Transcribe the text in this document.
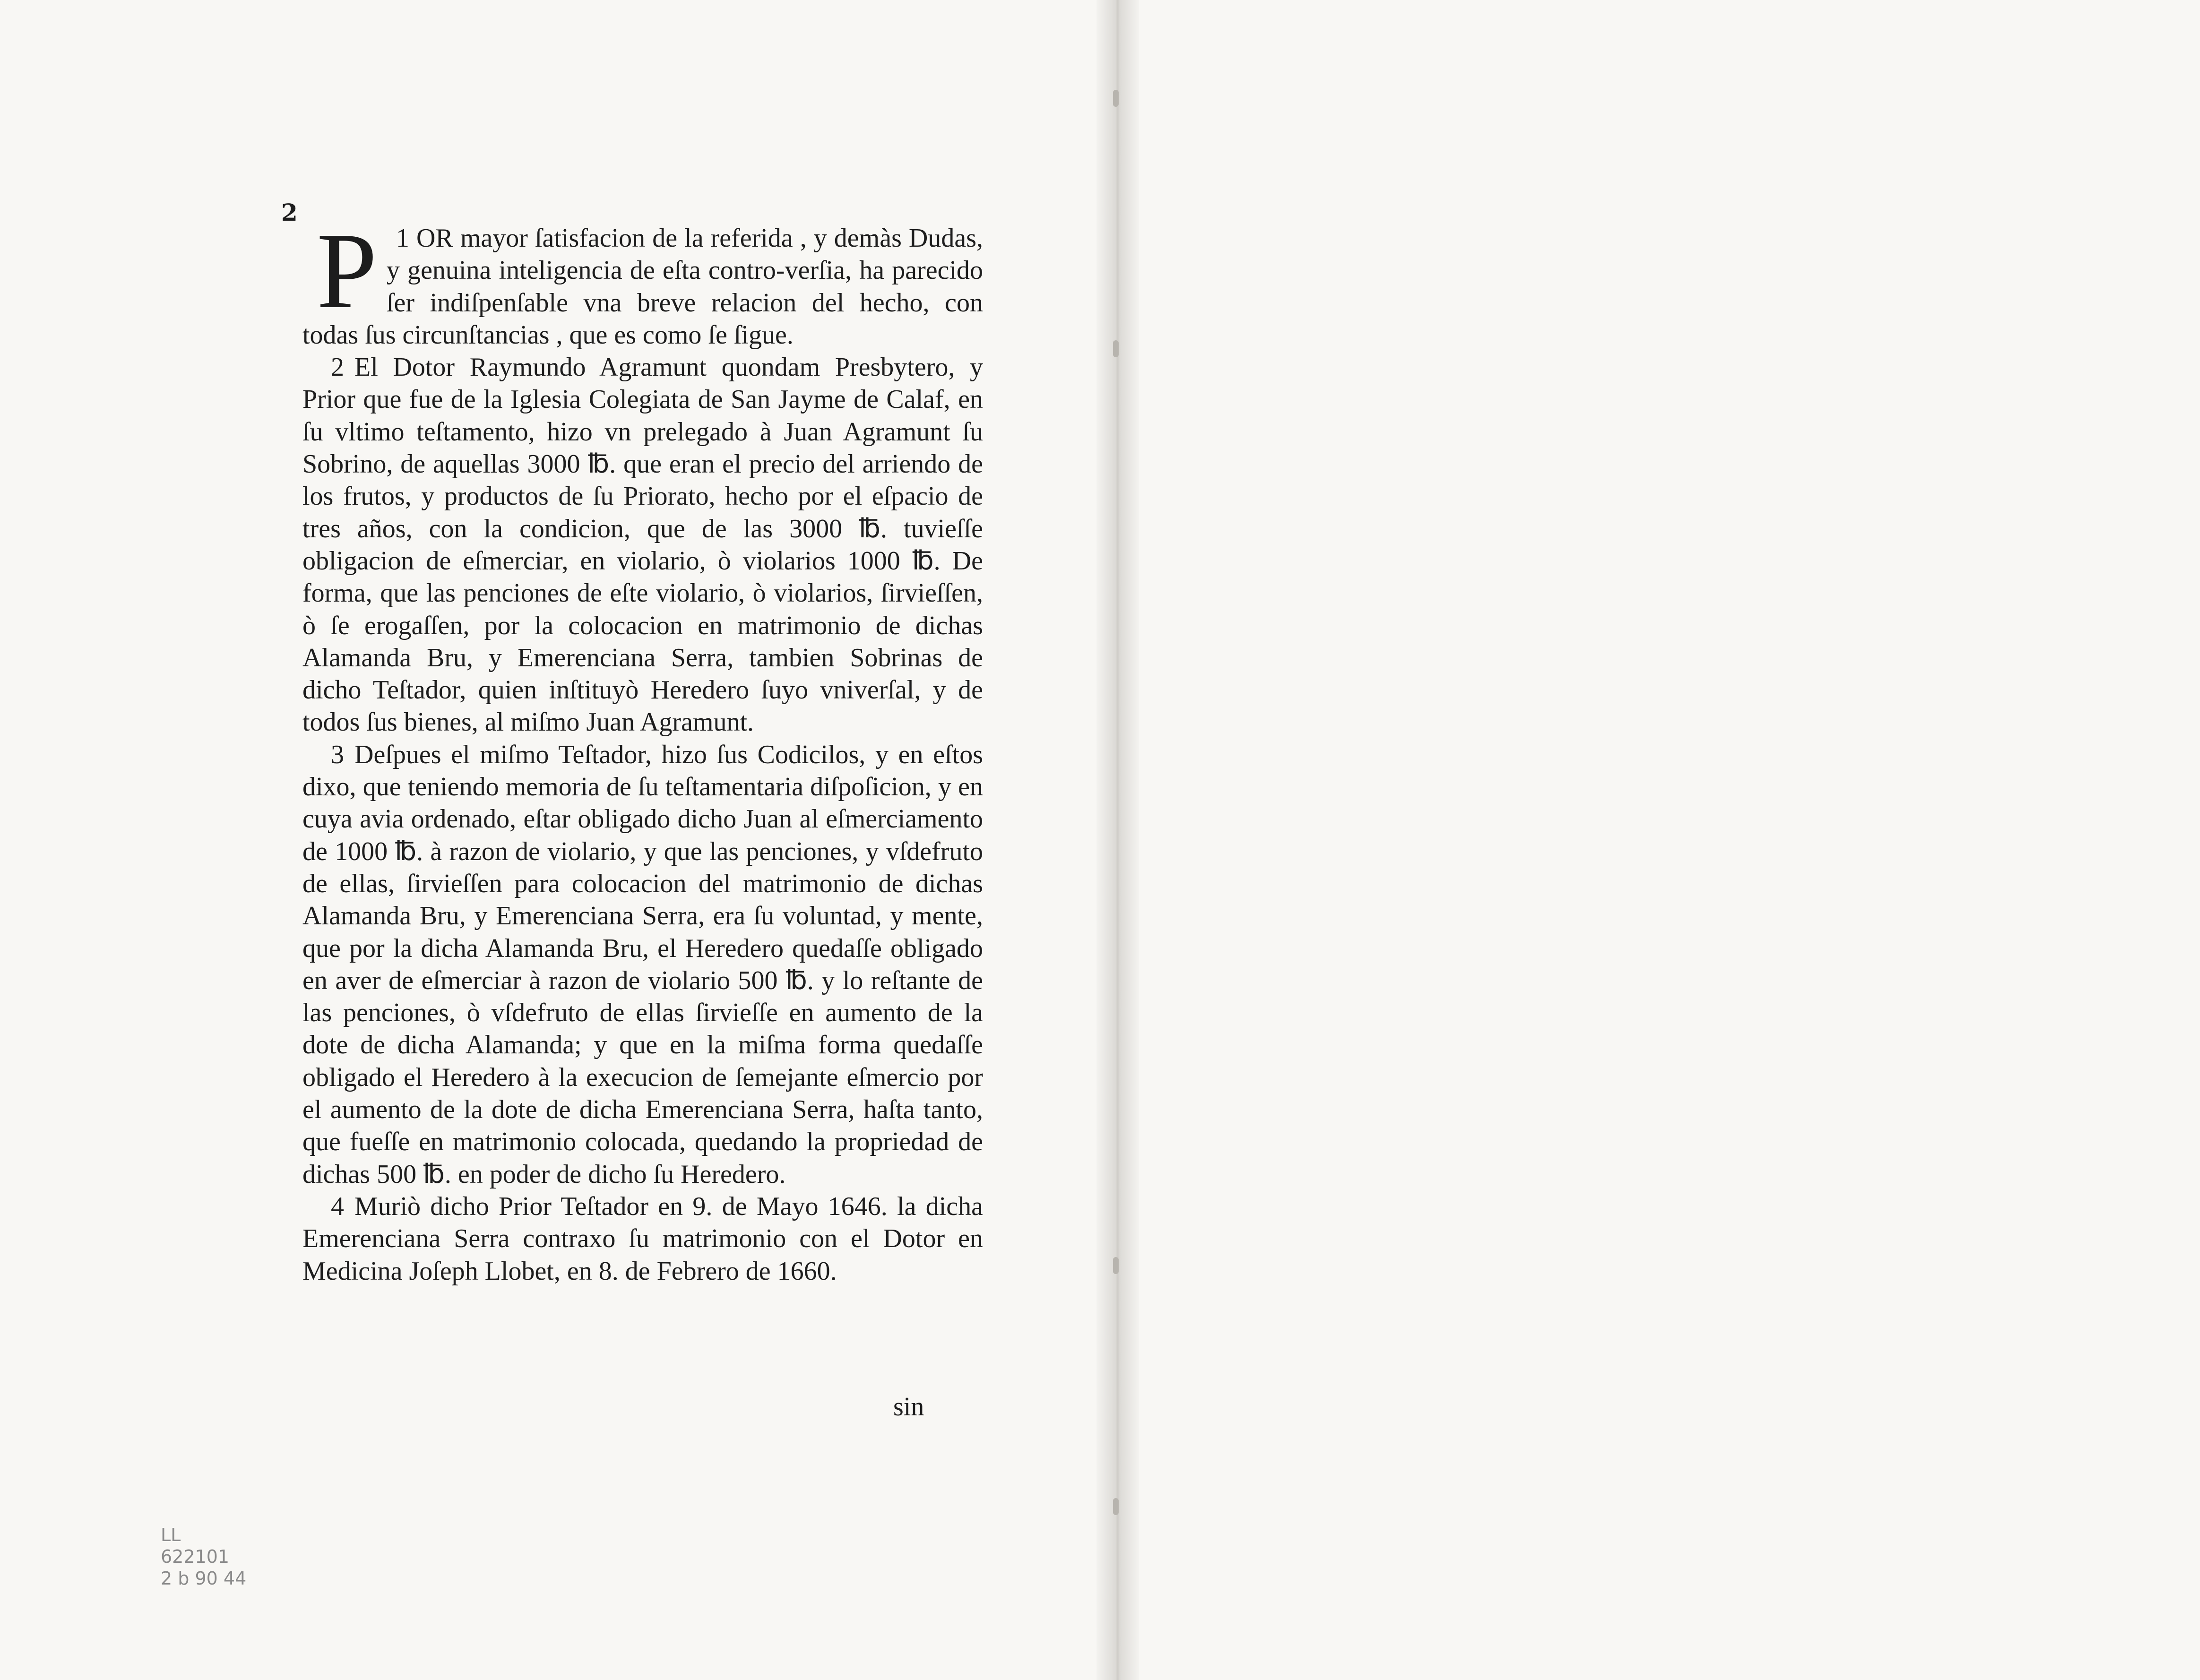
2

1
P OR mayor ſatisfacion de la referida , y demàs Dudas, y genuina inteligencia de eſta contro-verſia, ha parecido ſer indiſpenſable vna breve relacion del hecho, con todas ſus circunſtancias , que es como ſe ſigue.

2 El Dotor Raymundo Agramunt quondam Presbytero, y Prior que fue de la Iglesia Colegiata de San Jayme de Calaf, en ſu vltimo teſtamento, hizo vn prelegado à Juan Agramunt ſu Sobrino, de aquellas 3000 ℔. que eran el precio del arriendo de los frutos, y productos de ſu Priorato, hecho por el eſpacio de tres años, con la condicion, que de las 3000 ℔. tuvieſſe obligacion de eſmerciar, en violario, ò violarios 1000 ℔. De forma, que las penciones de eſte violario, ò violarios, ſirvieſſen, ò ſe erogaſſen, por la colocacion en matrimonio de dichas Alamanda Bru, y Emerenciana Serra, tambien Sobrinas de dicho Teſtador, quien inſtituyò Heredero ſuyo vniverſal, y de todos ſus bienes, al miſmo Juan Agramunt.

3 Deſpues el miſmo Teſtador, hizo ſus Codicilos, y en eſtos dixo, que teniendo memoria de ſu teſtamentaria diſpoſicion, y en cuya avia ordenado, eſtar obligado dicho Juan al eſmerciamento de 1000 ℔. à razon de violario, y que las penciones, y vſdefruto de ellas, ſirvieſſen para colocacion del matrimonio de dichas Alamanda Bru, y Emerenciana Serra, era ſu voluntad, y mente, que por la dicha Alamanda Bru, el Heredero quedaſſe obligado en aver de eſmerciar à razon de violario 500 ℔. y lo reſtante de las penciones, ò vſdefruto de ellas ſirvieſſe en aumento de la dote de dicha Alamanda; y que en la miſma forma quedaſſe obligado el Heredero à la execucion de ſemejante eſmercio por el aumento de la dote de dicha Emerenciana Serra, haſta tanto, que fueſſe en matrimonio colocada, quedando la propriedad de dichas 500 ℔. en poder de dicho ſu Heredero.

4 Muriò dicho Prior Teſtador en 9. de Mayo 1646. la dicha Emerenciana Serra contraxo ſu matrimonio con el Dotor en Medicina Joſeph Llobet, en 8. de Febrero de 1660.

sin
LL
622101
2 b 90 44
